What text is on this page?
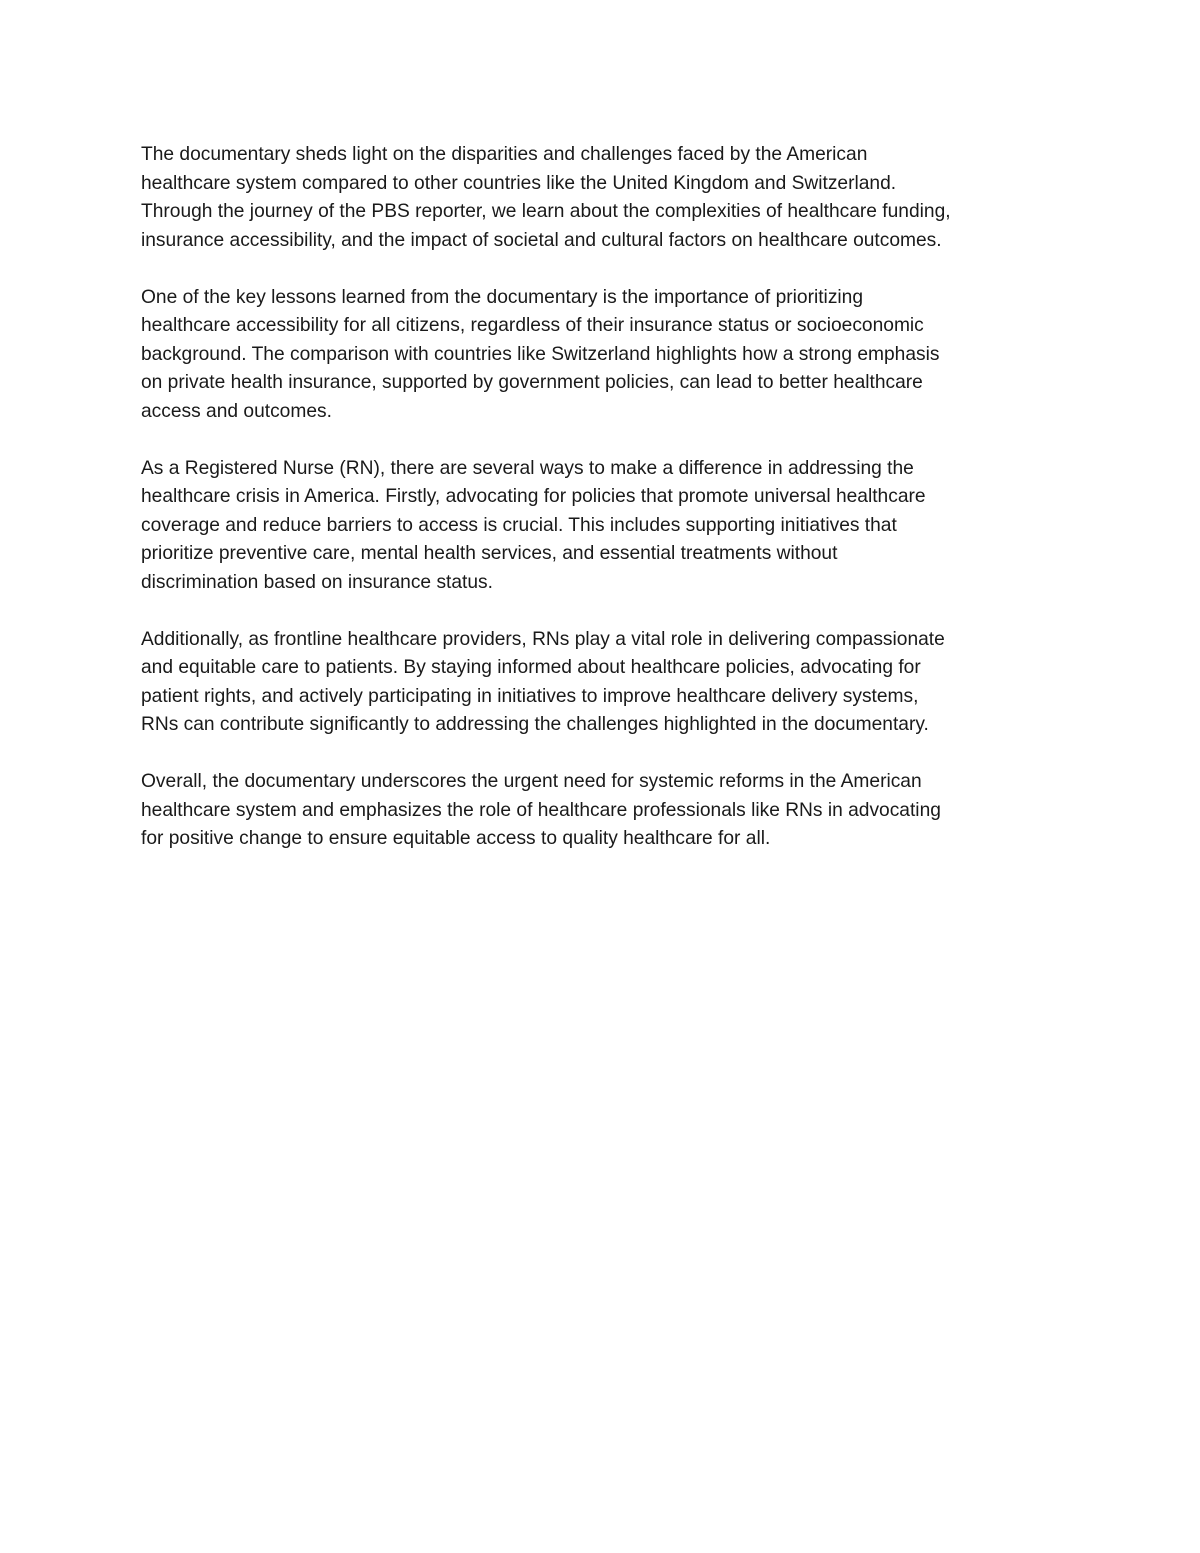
The documentary sheds light on the disparities and challenges faced by the American
healthcare system compared to other countries like the United Kingdom and Switzerland.
Through the journey of the PBS reporter, we learn about the complexities of healthcare funding,
insurance accessibility, and the impact of societal and cultural factors on healthcare outcomes.

One of the key lessons learned from the documentary is the importance of prioritizing
healthcare accessibility for all citizens, regardless of their insurance status or socioeconomic
background. The comparison with countries like Switzerland highlights how a strong emphasis
on private health insurance, supported by government policies, can lead to better healthcare
access and outcomes.

As a Registered Nurse (RN), there are several ways to make a difference in addressing the
healthcare crisis in America. Firstly, advocating for policies that promote universal healthcare
coverage and reduce barriers to access is crucial. This includes supporting initiatives that
prioritize preventive care, mental health services, and essential treatments without
discrimination based on insurance status.

Additionally, as frontline healthcare providers, RNs play a vital role in delivering compassionate
and equitable care to patients. By staying informed about healthcare policies, advocating for
patient rights, and actively participating in initiatives to improve healthcare delivery systems,
RNs can contribute significantly to addressing the challenges highlighted in the documentary.

Overall, the documentary underscores the urgent need for systemic reforms in the American
healthcare system and emphasizes the role of healthcare professionals like RNs in advocating
for positive change to ensure equitable access to quality healthcare for all.
